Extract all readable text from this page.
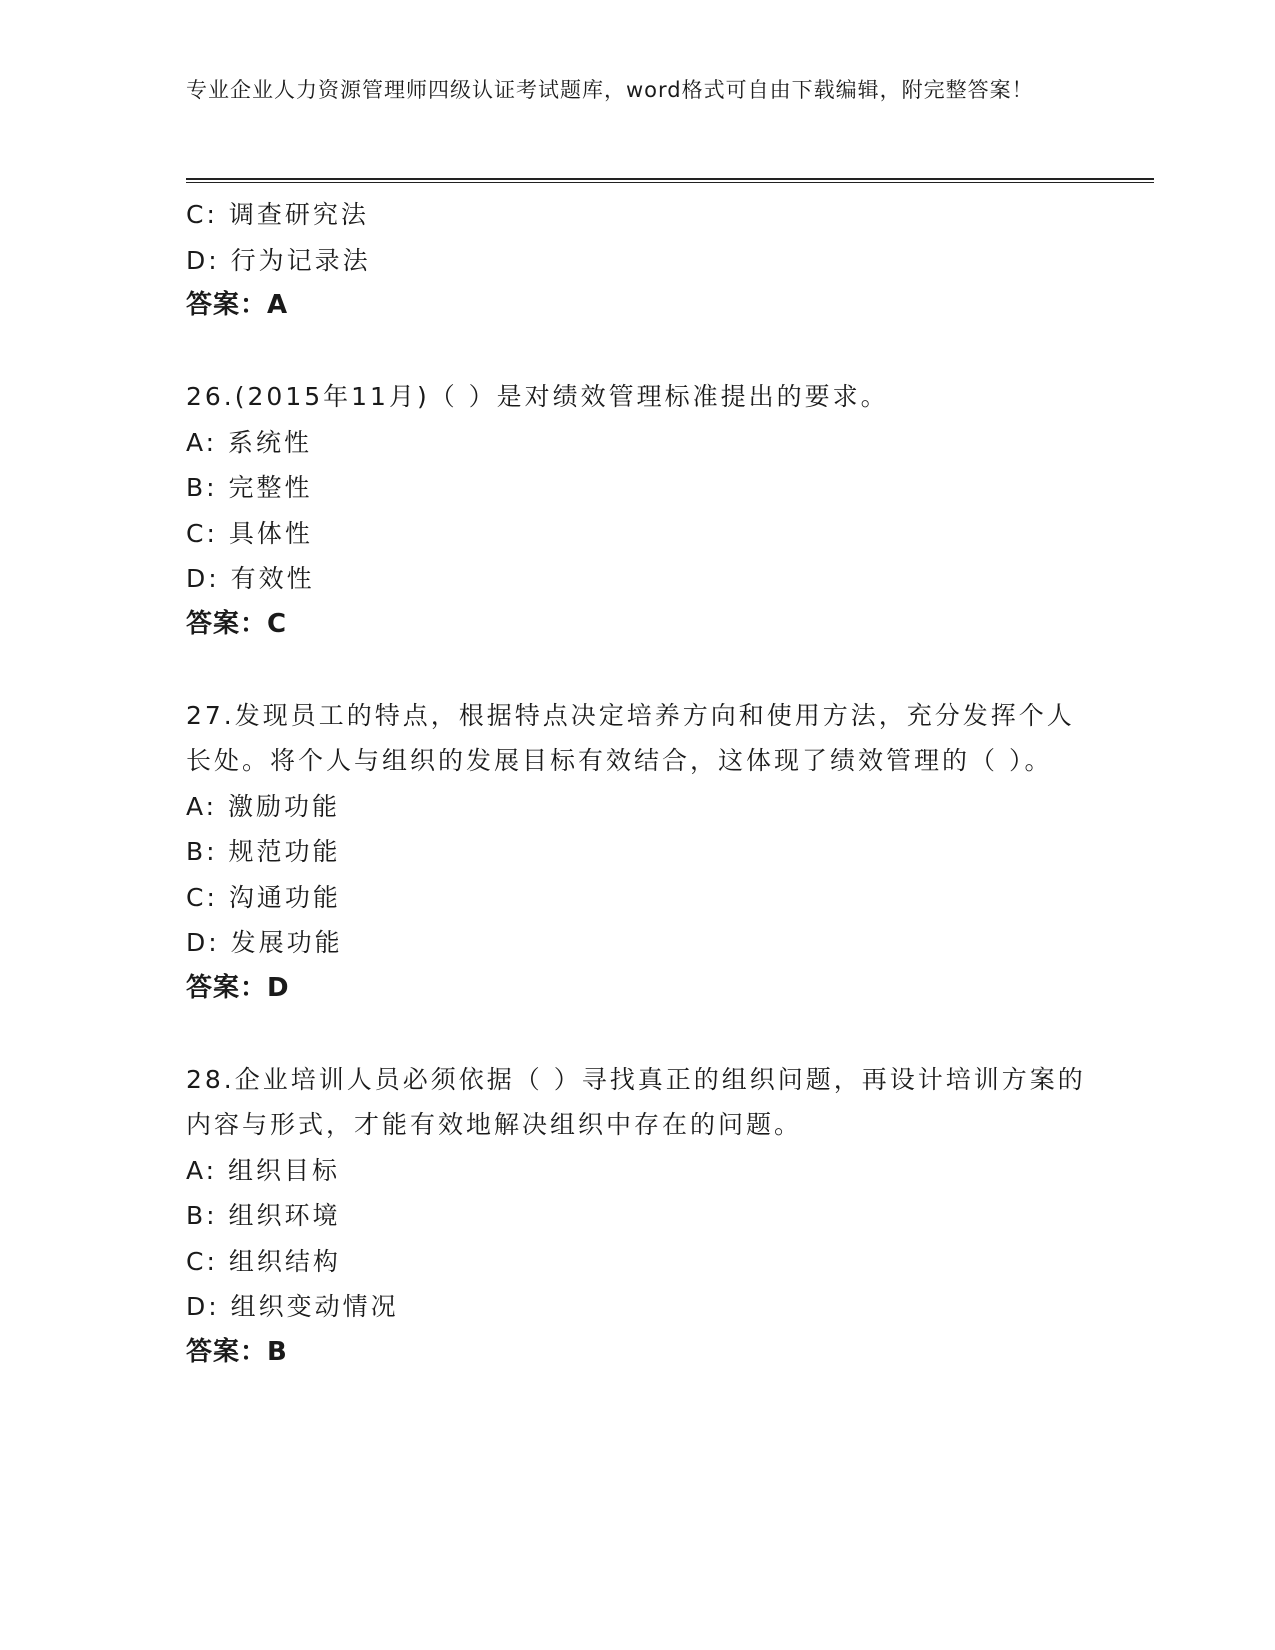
专业企业人力资源管理师四级认证考试题库，word格式可自由下载编辑，附完整答案！
C: 调查研究法
D: 行为记录法
答案：A
26.(2015年11月)（ ）是对绩效管理标准提出的要求。
A: 系统性
B: 完整性
C: 具体性
D: 有效性
答案：C
27.发现员工的特点，根据特点决定培养方向和使用方法，充分发挥个人长处。将个人与组织的发展目标有效结合，这体现了绩效管理的（ ）。
A: 激励功能
B: 规范功能
C: 沟通功能
D: 发展功能
答案：D
28.企业培训人员必须依据（ ）寻找真正的组织问题，再设计培训方案的内容与形式，才能有效地解决组织中存在的问题。
A: 组织目标
B: 组织环境
C: 组织结构
D: 组织变动情况
答案：B
